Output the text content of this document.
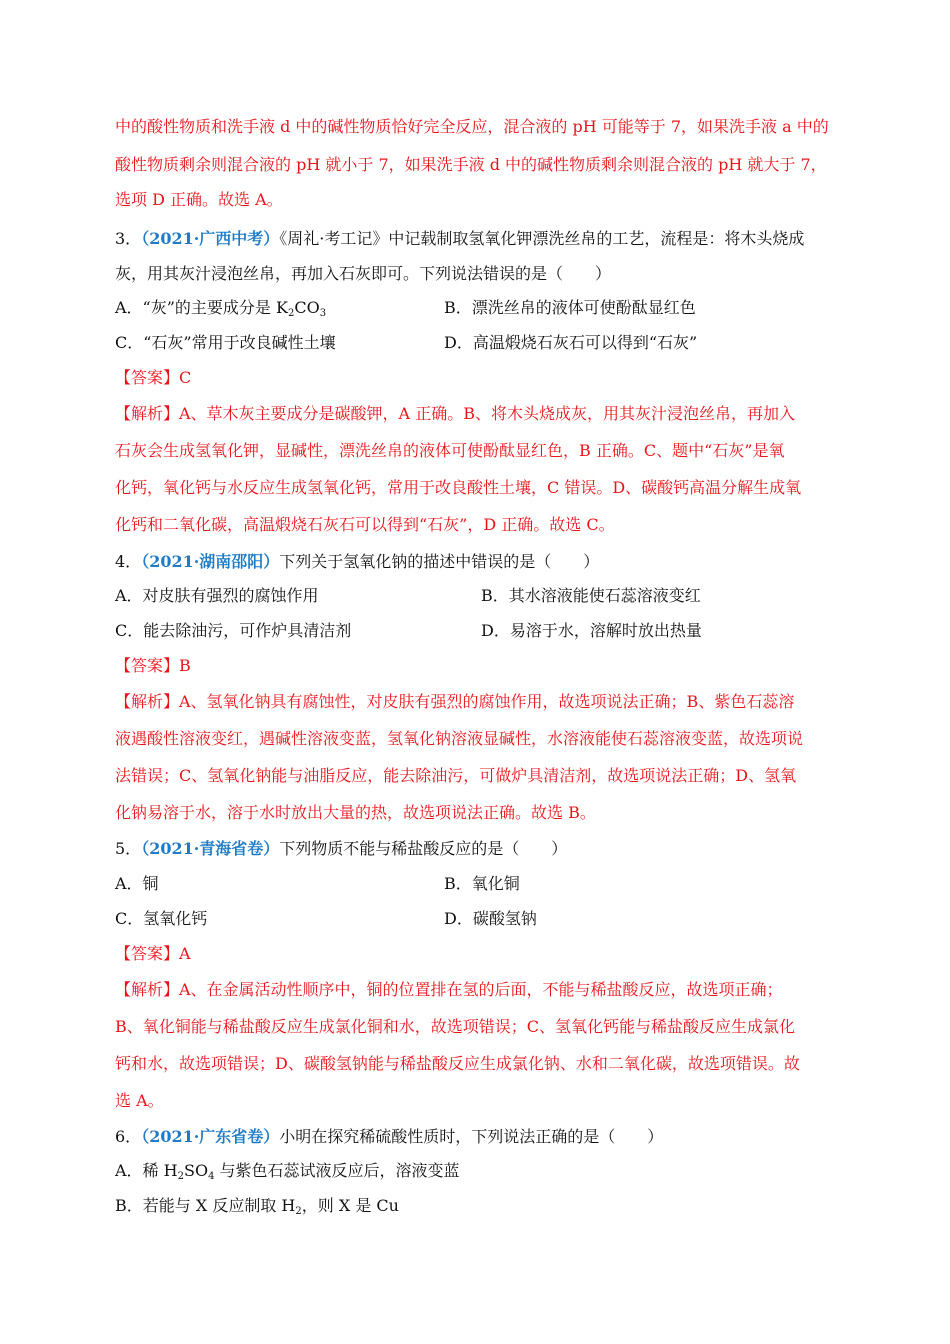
中的酸性物质和洗手液 d 中的碱性物质恰好完全反应，混合液的 pH 可能等于 7，如果洗手液 a 中的
酸性物质剩余则混合液的 pH 就小于 7，如果洗手液 d 中的碱性物质剩余则混合液的 pH 就大于 7，
选项 D 正确。故选 A。
3．（2021·广西中考）《周礼·考工记》中记载制取氢氧化钾漂洗丝帛的工艺，流程是：将木头烧成
灰，用其灰汁浸泡丝帛，再加入石灰即可。下列说法错误的是（　　）
A．“灰”的主要成分是 $K_2CO_3$	B．漂洗丝帛的液体可使酚酞显红色
C．“石灰”常用于改良碱性土壤	D．高温煅烧石灰石可以得到“石灰”
【答案】C
【解析】A、草木灰主要成分是碳酸钾，A 正确。B、将木头烧成灰，用其灰汁浸泡丝帛，再加入
石灰会生成氢氧化钾，显碱性，漂洗丝帛的液体可使酚酞显红色，B 正确。C、题中“石灰”是氧
化钙，氧化钙与水反应生成氢氧化钙，常用于改良酸性土壤，C 错误。D、碳酸钙高温分解生成氧
化钙和二氧化碳，高温煅烧石灰石可以得到“石灰”，D 正确。故选 C。
4．（2021·湖南邵阳）下列关于氢氧化钠的描述中错误的是（　　）
A．对皮肤有强烈的腐蚀作用	B．其水溶液能使石蕊溶液变红
C．能去除油污，可作炉具清洁剂	D．易溶于水，溶解时放出热量
【答案】B
【解析】A、氢氧化钠具有腐蚀性，对皮肤有强烈的腐蚀作用，故选项说法正确；B、紫色石蕊溶
液遇酸性溶液变红，遇碱性溶液变蓝，氢氧化钠溶液显碱性，水溶液能使石蕊溶液变蓝，故选项说
法错误；C、氢氧化钠能与油脂反应，能去除油污，可做炉具清洁剂，故选项说法正确；D、氢氧
化钠易溶于水，溶于水时放出大量的热，故选项说法正确。故选 B。
5．（2021·青海省卷）下列物质不能与稀盐酸反应的是（　　）
A．铜	B．氧化铜
C．氢氧化钙	D．碳酸氢钠
【答案】A
【解析】A、在金属活动性顺序中，铜的位置排在氢的后面，不能与稀盐酸反应，故选项正确；
B、氧化铜能与稀盐酸反应生成氯化铜和水，故选项错误；C、氢氧化钙能与稀盐酸反应生成氯化
钙和水，故选项错误；D、碳酸氢钠能与稀盐酸反应生成氯化钠、水和二氧化碳，故选项错误。故
选 A。
6．（2021·广东省卷）小明在探究稀硫酸性质时，下列说法正确的是（　　）
A．稀 $H_2SO_4$ 与紫色石蕊试液反应后，溶液变蓝
B．若能与 X 反应制取 $H_2$，则 X 是 Cu
